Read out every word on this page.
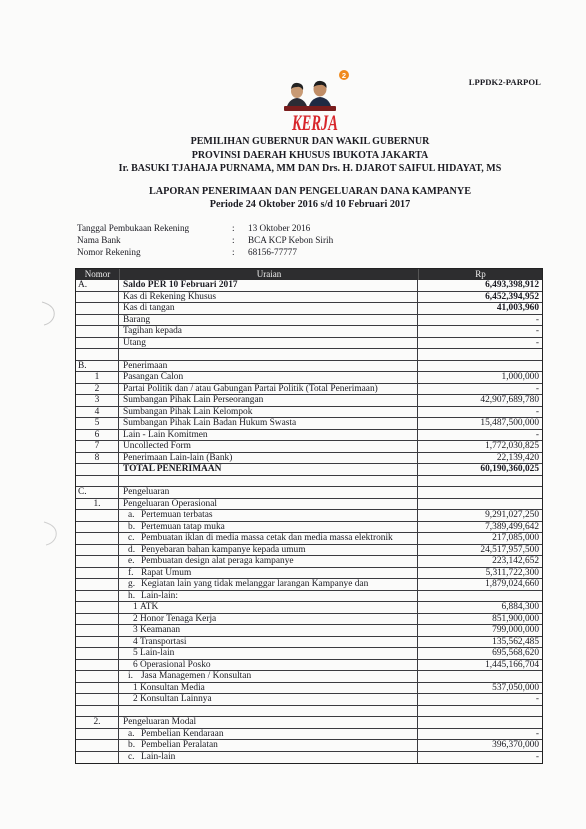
LPPDK2-PARPOL
KERJA
2
PEMILIHAN GUBERNUR DAN WAKIL GUBERNUR
PROVINSI DAERAH KHUSUS IBUKOTA JAKARTA
Ir. BASUKI TJAHAJA PURNAMA, MM DAN Drs. H. DJAROT SAIFUL HIDAYAT, MS
LAPORAN PENERIMAAN DAN PENGELUARAN DANA KAMPANYE
Periode 24 Oktober 2016 s/d 10 Februari 2017
Tanggal Pembukaan Rekening	: 13 Oktober 2016
Nama Bank	: BCA KCP Kebon Sirih
Nomor Rekening	: 68156-77777
Nomor	Uraian	Rp
A.	Saldo PER 10 Februari 2017	6,493,398,912
Kas di Rekening Khusus	6,452,394,952
Kas di tangan	41,003,960
Barang	-
Tagihan kepada	-
Utang	-
B.	Penerimaan
1	Pasangan Calon	1,000,000
2	Partai Politik dan / atau Gabungan Partai Politik (Total Penerimaan)	-
3	Sumbangan Pihak Lain Perseorangan	42,907,689,780
4	Sumbangan Pihak Lain Kelompok	-
5	Sumbangan Pihak Lain Badan Hukum Swasta	15,487,500,000
6	Lain - Lain Komitmen	-
7	Uncollected Form	1,772,030,825
8	Penerimaan Lain-lain (Bank)	22,139,420
TOTAL PENERIMAAN	60,190,360,025
C.	Pengeluaran
1.	Pengeluaran Operasional
a. Pertemuan terbatas	9,291,027,250
b. Pertemuan tatap muka	7,389,499,642
c. Pembuatan iklan di media massa cetak dan media massa elektronik	217,085,000
d. Penyebaran bahan kampanye kepada umum	24,517,957,500
e. Pembuatan design alat peraga kampanye	223,142,652
f. Rapat Umum	5,311,722,300
g. Kegiatan lain yang tidak melanggar larangan Kampanye dan	1,879,024,660
h. Lain-lain:
1 ATK	6,884,300
2 Honor Tenaga Kerja	851,900,000
3 Keamanan	799,000,000
4 Transportasi	135,562,485
5 Lain-lain	695,568,620
6 Operasional Posko	1,445,166,704
i. Jasa Managemen / Konsultan
1 Konsultan Media	537,050,000
2 Konsultan Lainnya	-
2.	Pengeluaran Modal
a. Pembelian Kendaraan	-
b. Pembelian Peralatan	396,370,000
c. Lain-lain	-
